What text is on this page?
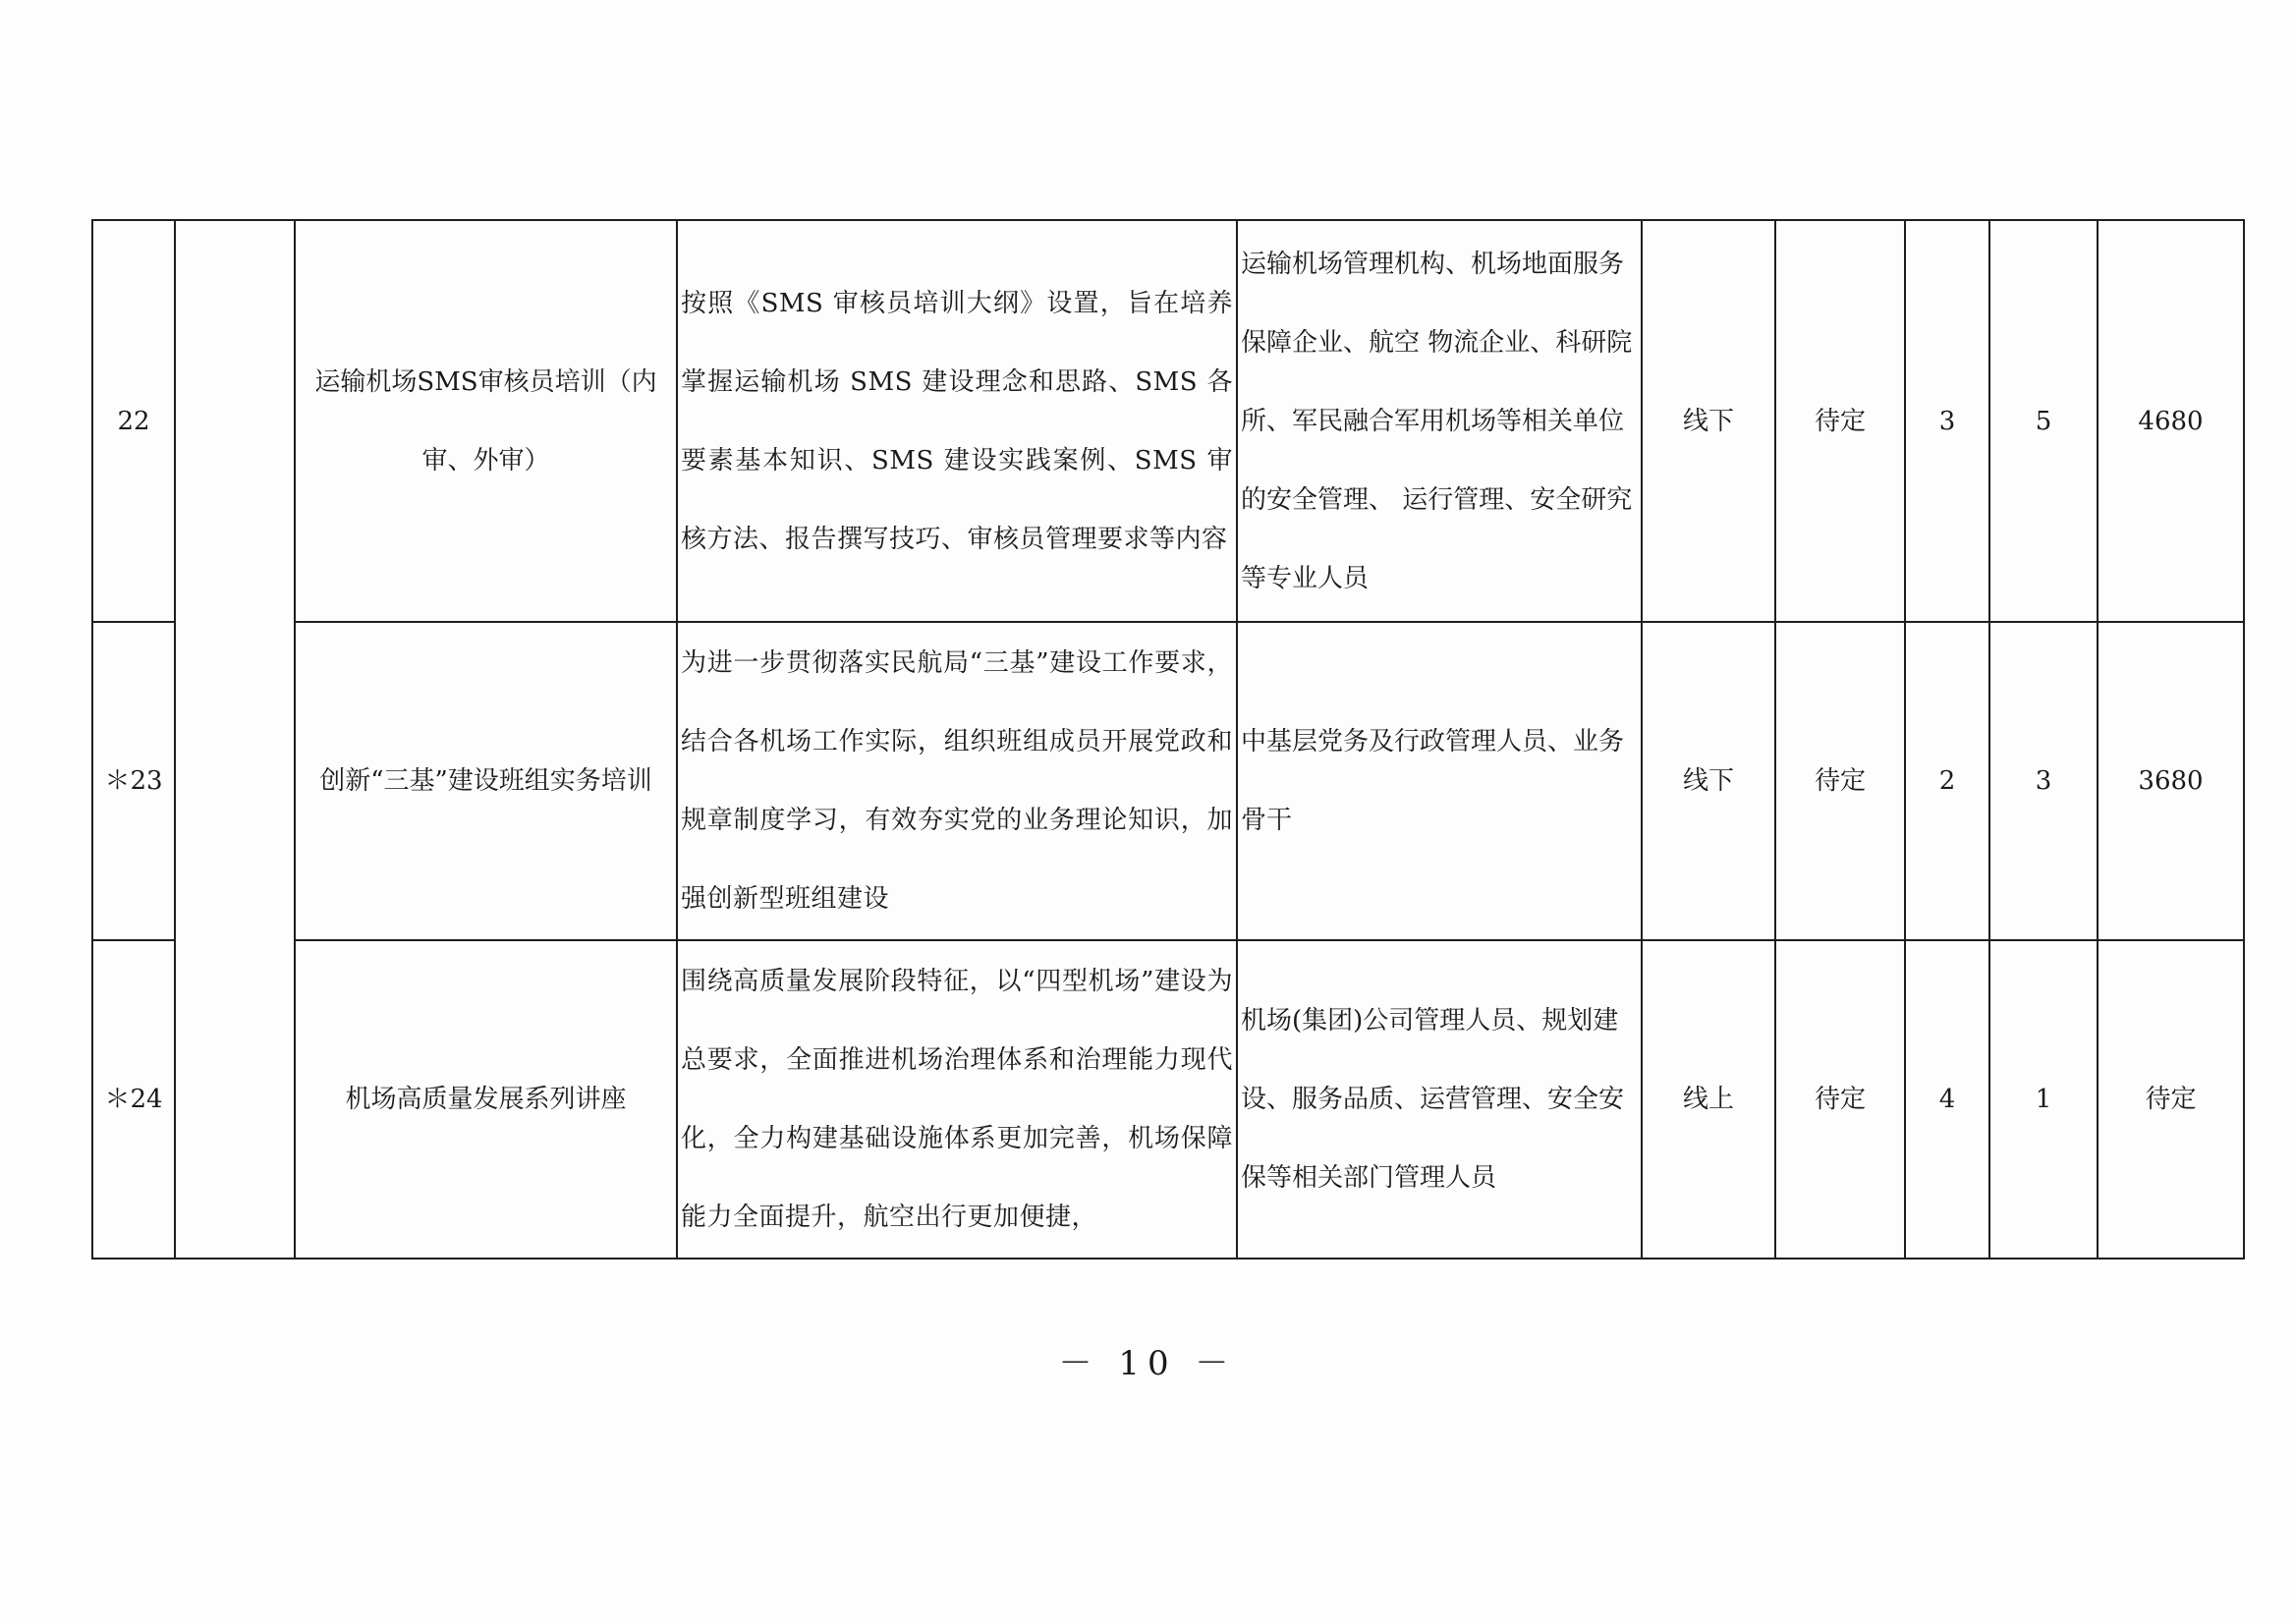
22		运输机场SMS审核员培训（内审、外审）	按照《SMS 审核员培训大纲》设置，旨在培养掌握运输机场 SMS 建设理念和思路、SMS 各要素基本知识、SMS 建设实践案例、SMS 审核方法、报告撰写技巧、审核员管理要求等内容	运输机场管理机构、机场地面服务保障企业、航空 物流企业、科研院所、军民融合军用机场等相关单位的安全管理、 运行管理、安全研究等专业人员	线下	待定	3	5	4680
＊23		创新“三基”建设班组实务培训	为进一步贯彻落实民航局“三基”建设工作要求，结合各机场工作实际，组织班组成员开展党政和规章制度学习，有效夯实党的业务理论知识，加强创新型班组建设	中基层党务及行政管理人员、业务骨干	线下	待定	2	3	3680
＊24		机场高质量发展系列讲座	围绕高质量发展阶段特征，以“四型机场”建设为总要求，全面推进机场治理体系和治理能力现代化，全力构建基础设施体系更加完善，机场保障能力全面提升，航空出行更加便捷，	机场(集团)公司管理人员、规划建设、服务品质、运营管理、安全安保等相关部门管理人员	线上	待定	4	1	待定
－ 10 －
